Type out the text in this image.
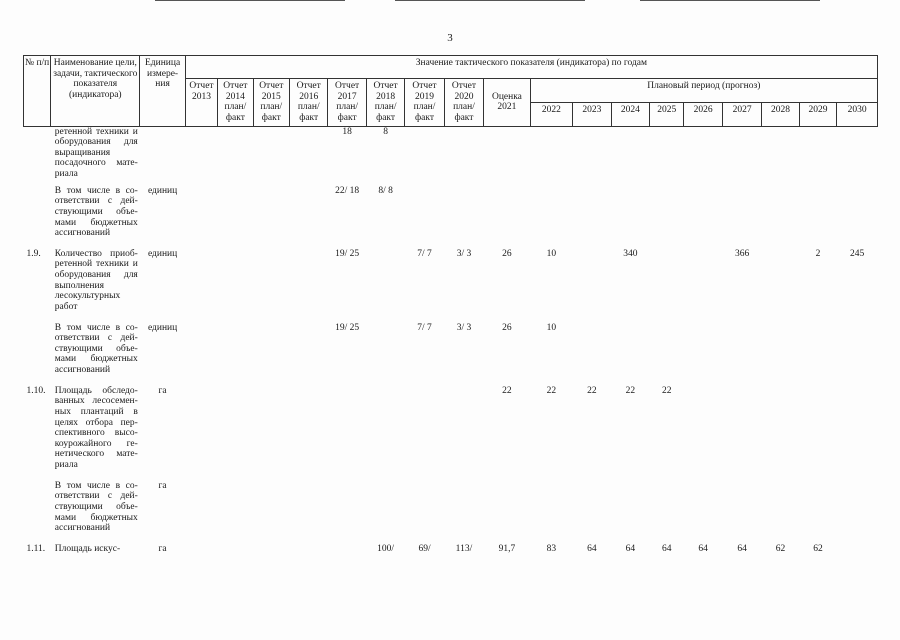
3
№ п/п	Наименование цели, задачи, тактического показателя (индикатора)	Единица измере- ния	Значение тактического показателя (индикатора) по годам																	
			Отчет 2013	Отчет 2014 план/ факт	Отчет 2015 план/ факт	Отчет 2016 план/ факт	Отчет 2017 план/ факт	Отчет 2018 план/ факт	Отчет 2019 план/ факт	Отчет 2020 план/ факт	Оценка 2021	Плановый период (прогноз)								
												2022	2023	2024	2025	2026	2027	2028	2029	2030
	ретенной техники и оборудования для выращивания посадочного мате- риала						18	8												
	В том числе в со- ответствии с дей- ствующими объе- мами бюджетных ассигнований	единиц					22/ 18	8/ 8												
1.9.	Количество приоб- ретенной техники и оборудования для выполнения лесокультурных работ	единиц					19/ 25		7/ 7	3/ 3	26	10		340			366		2	245
	В том числе в со- ответствии с дей- ствующими объе- мами бюджетных ассигнований	единиц					19/ 25		7/ 7	3/ 3	26	10								
1.10.	Площадь обследо- ванных лесосемен- ных плантаций в целях отбора пер- спективного высо- коурожайного ге- нетического мате- риала	га									22	22	22	22	22					
	В том числе в со- ответствии с дей- ствующими объе- мами бюджетных ассигнований	га																		
1.11.	Площадь искус-	га						100/	69/	113/	91,7	83	64	64	64	64	64	62	62	
